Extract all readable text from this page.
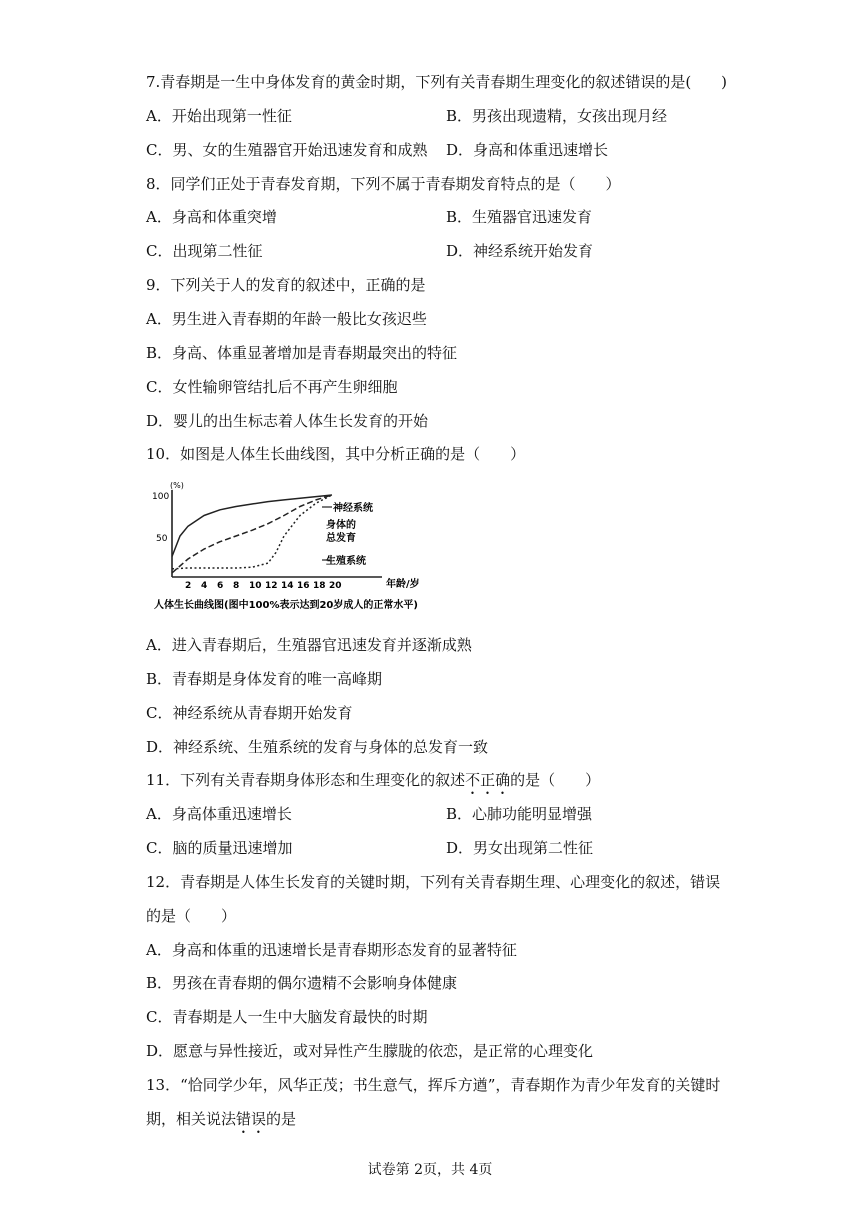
7.青春期是一生中身体发育的黄金时期，下列有关青春期生理变化的叙述错误的是(　　)
A．开始出现第一性征	B．男孩出现遗精，女孩出现月经
C．男、女的生殖器官开始迅速发育和成熟 D．身高和体重迅速增长
8．同学们正处于青春发育期，下列不属于青春期发育特点的是（　　）
A．身高和体重突增	B．生殖器官迅速发育
C．出现第二性征	D．神经系统开始发育
9．下列关于人的发育的叙述中，正确的是
A．男生进入青春期的年龄一般比女孩迟些
B．身高、体重显著增加是青春期最突出的特征
C．女性输卵管结扎后不再产生卵细胞
D．婴儿的出生标志着人体生长发育的开始
10．如图是人体生长曲线图，其中分析正确的是（　　）
(%)
100
50
2 4 6 8 10 12 14 16 18 20	年龄/岁
神经系统
身体的
总发育
生殖系统
人体生长曲线图(图中100%表示达到20岁成人的正常水平)
A．进入青春期后，生殖器官迅速发育并逐渐成熟
B．青春期是身体发育的唯一高峰期
C．神经系统从青春期开始发育
D．神经系统、生殖系统的发育与身体的总发育一致
11．下列有关青春期身体形态和生理变化的叙述不正确的是（　　）
A．身高体重迅速增长	B．心肺功能明显增强
C．脑的质量迅速增加	D．男女出现第二性征
12．青春期是人体生长发育的关键时期，下列有关青春期生理、心理变化的叙述，错误
的是（　　）
A．身高和体重的迅速增长是青春期形态发育的显著特征
B．男孩在青春期的偶尔遗精不会影响身体健康
C．青春期是人一生中大脑发育最快的时期
D．愿意与异性接近，或对异性产生朦胧的依恋，是正常的心理变化
13．“恰同学少年，风华正茂；书生意气，挥斥方遒”，青春期作为青少年发育的关键时
期，相关说法错误的是
试卷第 2页，共 4页
